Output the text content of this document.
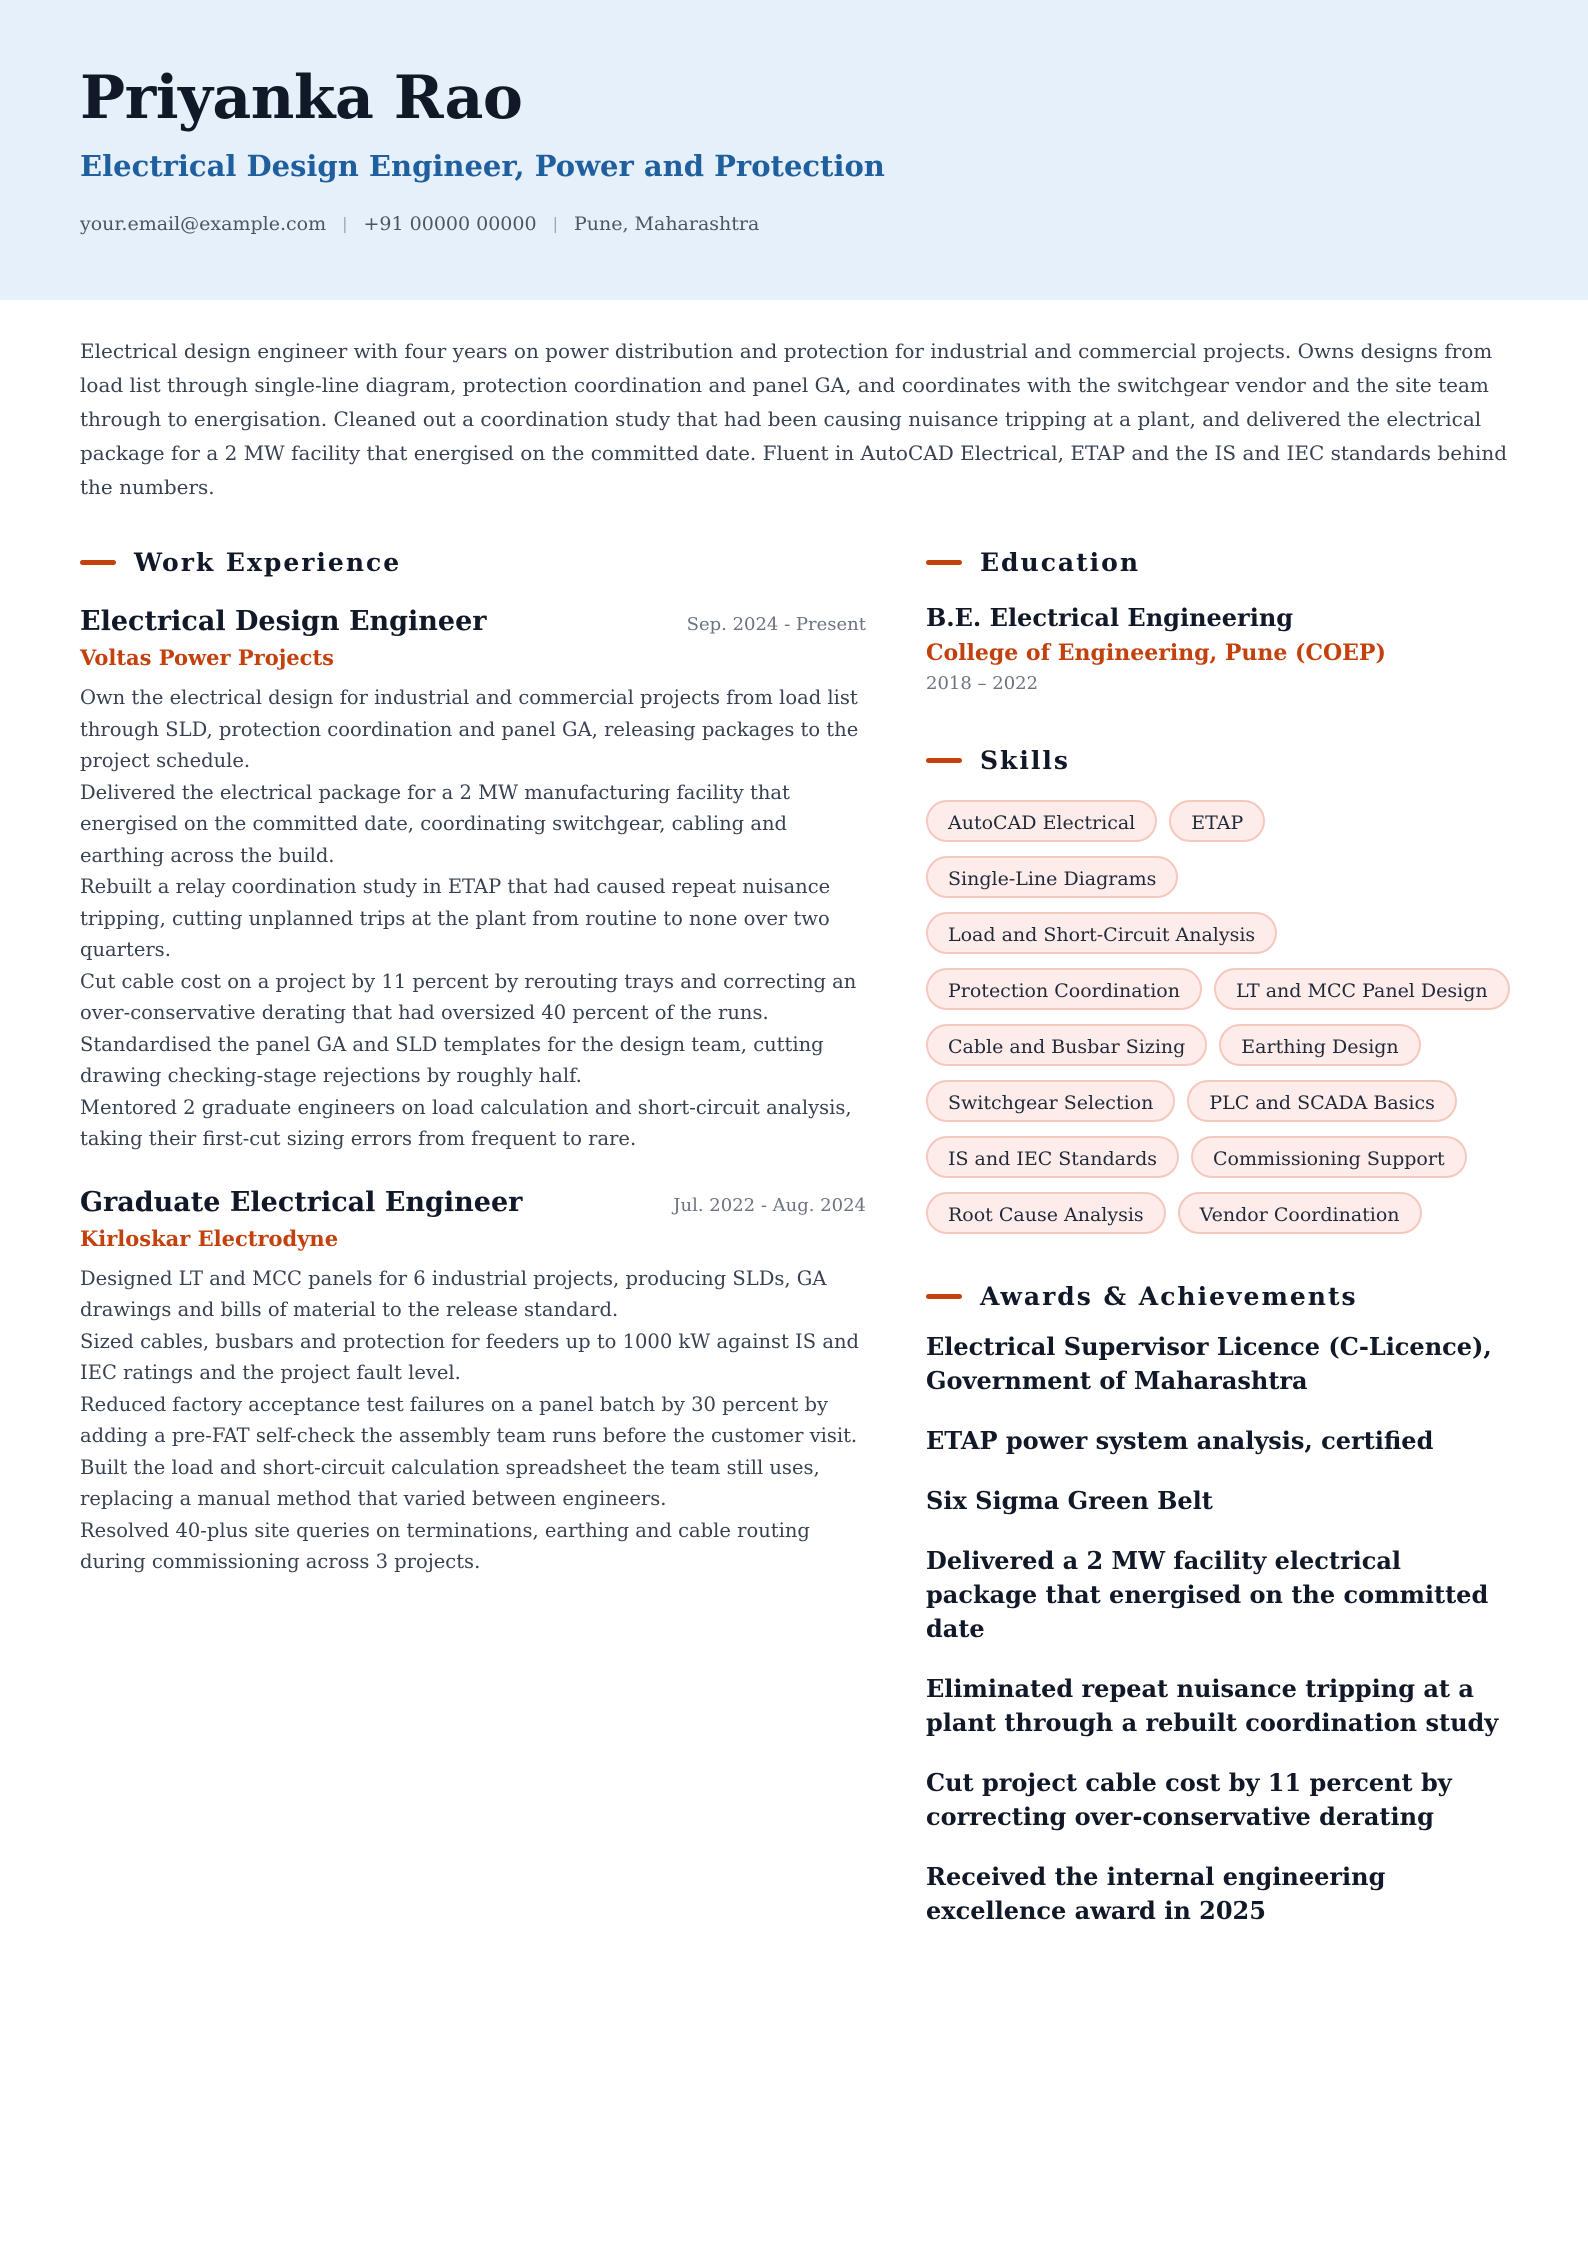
Priyanka Rao
Electrical Design Engineer, Power and Protection
your.email@example.com | +91 00000 00000 | Pune, Maharashtra
Electrical design engineer with four years on power distribution and protection for industrial and commercial projects. Owns designs from load list through single-line diagram, protection coordination and panel GA, and coordinates with the switchgear vendor and the site team through to energisation. Cleaned out a coordination study that had been causing nuisance tripping at a plant, and delivered the electrical package for a 2 MW facility that energised on the committed date. Fluent in AutoCAD Electrical, ETAP and the IS and IEC standards behind the numbers.
Work Experience
Electrical Design Engineer	Sep. 2024 - Present
Voltas Power Projects
Own the electrical design for industrial and commercial projects from load list through SLD, protection coordination and panel GA, releasing packages to the project schedule.
Delivered the electrical package for a 2 MW manufacturing facility that energised on the committed date, coordinating switchgear, cabling and earthing across the build.
Rebuilt a relay coordination study in ETAP that had caused repeat nuisance tripping, cutting unplanned trips at the plant from routine to none over two quarters.
Cut cable cost on a project by 11 percent by rerouting trays and correcting an over-conservative derating that had oversized 40 percent of the runs.
Standardised the panel GA and SLD templates for the design team, cutting drawing checking-stage rejections by roughly half.
Mentored 2 graduate engineers on load calculation and short-circuit analysis, taking their first-cut sizing errors from frequent to rare.
Graduate Electrical Engineer	Jul. 2022 - Aug. 2024
Kirloskar Electrodyne
Designed LT and MCC panels for 6 industrial projects, producing SLDs, GA drawings and bills of material to the release standard.
Sized cables, busbars and protection for feeders up to 1000 kW against IS and IEC ratings and the project fault level.
Reduced factory acceptance test failures on a panel batch by 30 percent by adding a pre-FAT self-check the assembly team runs before the customer visit.
Built the load and short-circuit calculation spreadsheet the team still uses, replacing a manual method that varied between engineers.
Resolved 40-plus site queries on terminations, earthing and cable routing during commissioning across 3 projects.
Education
B.E. Electrical Engineering
College of Engineering, Pune (COEP)
2018 – 2022
Skills
AutoCAD Electrical	ETAP
Single-Line Diagrams
Load and Short-Circuit Analysis
Protection Coordination	LT and MCC Panel Design
Cable and Busbar Sizing	Earthing Design
Switchgear Selection	PLC and SCADA Basics
IS and IEC Standards	Commissioning Support
Root Cause Analysis	Vendor Coordination
Awards & Achievements
Electrical Supervisor Licence (C-Licence), Government of Maharashtra
ETAP power system analysis, certified
Six Sigma Green Belt
Delivered a 2 MW facility electrical package that energised on the committed date
Eliminated repeat nuisance tripping at a plant through a rebuilt coordination study
Cut project cable cost by 11 percent by correcting over-conservative derating
Received the internal engineering excellence award in 2025
